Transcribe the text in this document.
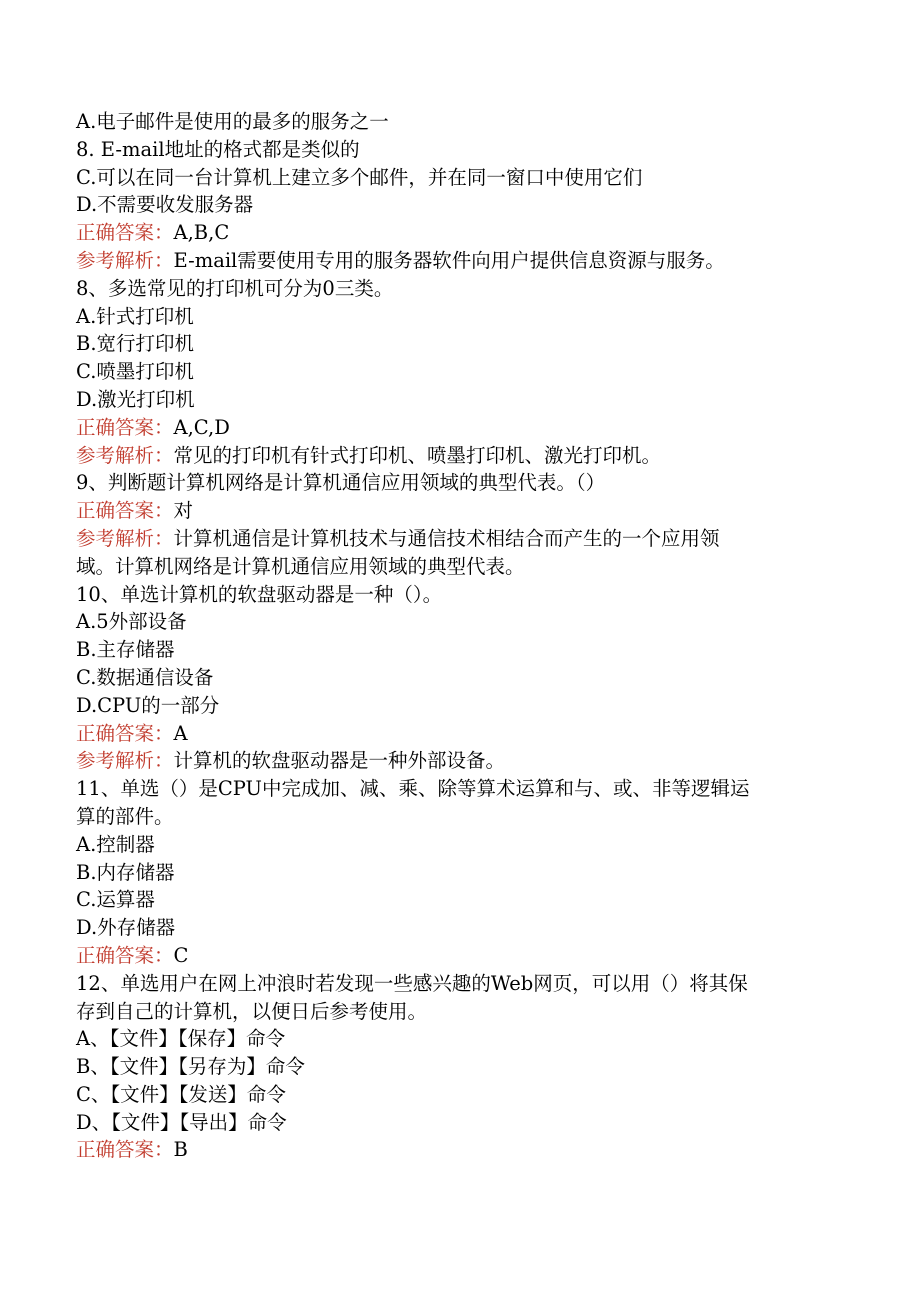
A.电子邮件是使用的最多的服务之一
8. E-mail地址的格式都是类似的
C.可以在同一台计算机上建立多个邮件，并在同一窗口中使用它们
D.不需要收发服务器
正确答案：A,B,C
参考解析：E-mail需要使用专用的服务器软件向用户提供信息资源与服务。
8、多选常见的打印机可分为0三类。
A.针式打印机
B.宽行打印机
C.喷墨打印机
D.激光打印机
正确答案：A,C,D
参考解析：常见的打印机有针式打印机、喷墨打印机、激光打印机。
9、判断题计算机网络是计算机通信应用领域的典型代表。（）
正确答案：对
参考解析：计算机通信是计算机技术与通信技术相结合而产生的一个应用领
域。计算机网络是计算机通信应用领域的典型代表。
10、单选计算机的软盘驱动器是一种（）。
A.5外部设备
B.主存储器
C.数据通信设备
D.CPU的一部分
正确答案：A
参考解析：计算机的软盘驱动器是一种外部设备。
11、单选（）是CPU中完成加、减、乘、除等算术运算和与、或、非等逻辑运
算的部件。
A.控制器
B.内存储器
C.运算器
D.外存储器
正确答案：C
12、单选用户在网上冲浪时若发现一些感兴趣的Web网页，可以用（）将其保
存到自己的计算机，以便日后参考使用。
A、【文件】【保存】命令
B、【文件】【另存为】命令
C、【文件】【发送】命令
D、【文件】【导出】命令
正确答案：B
